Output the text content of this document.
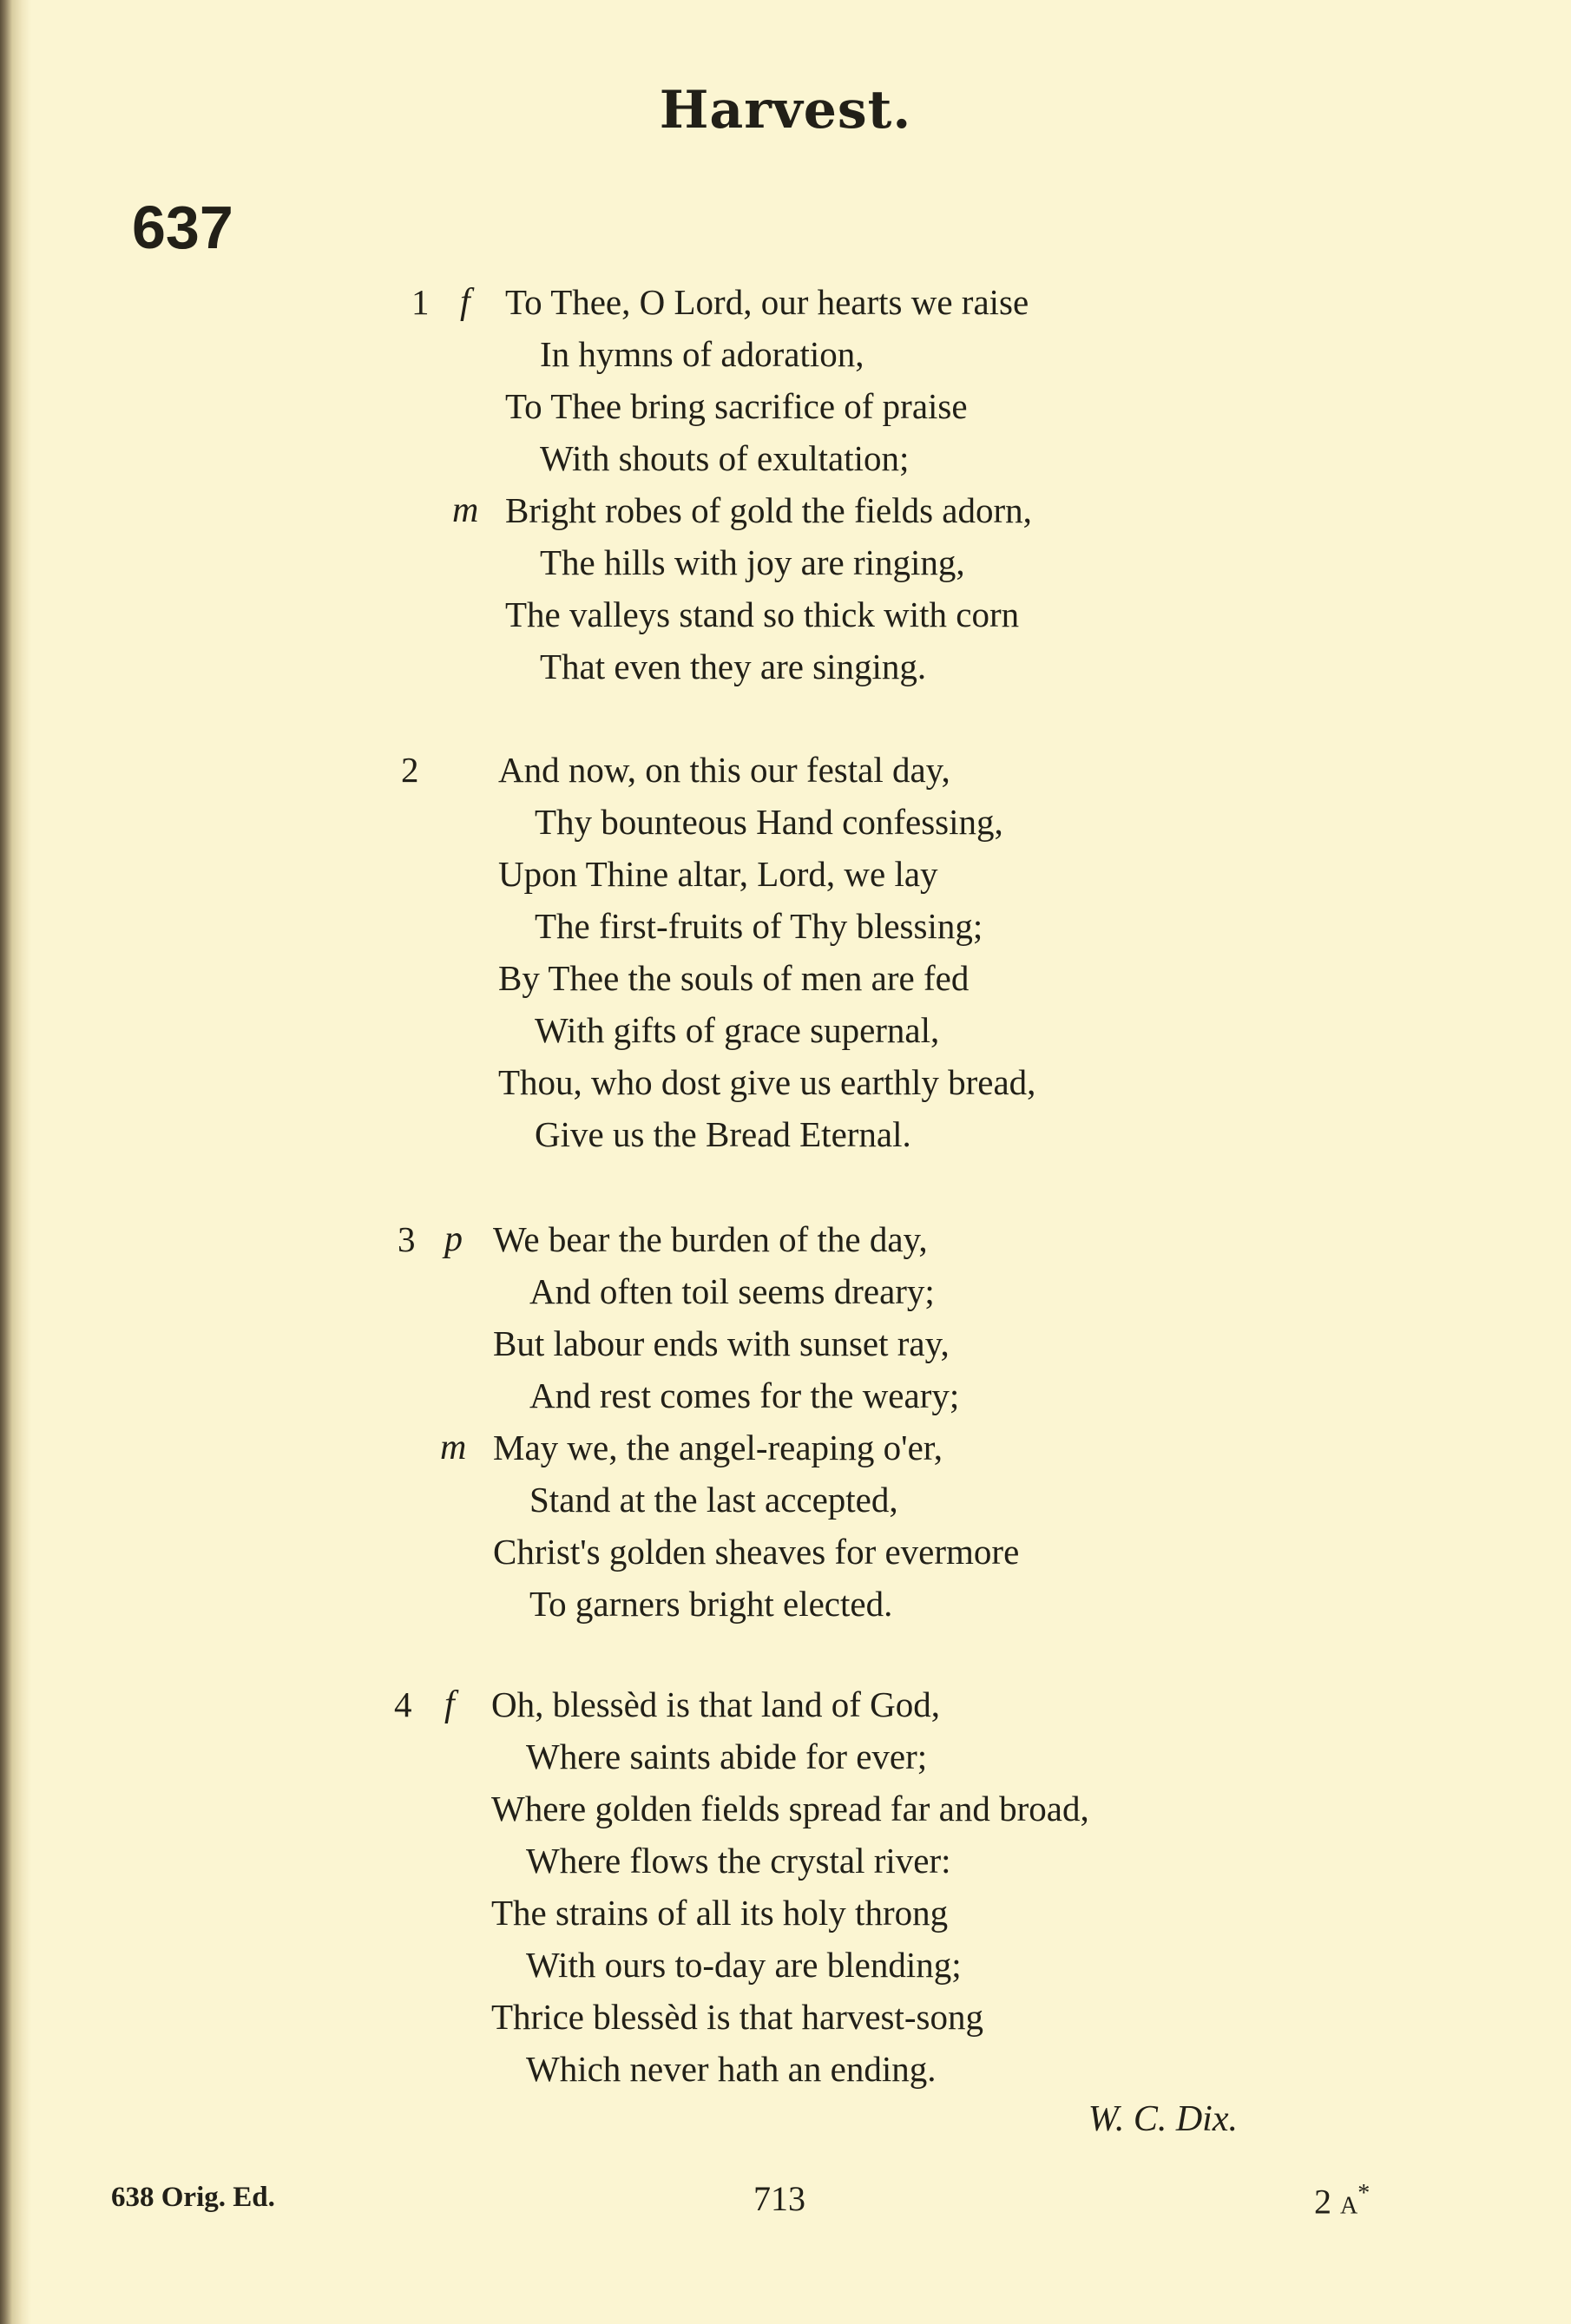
Harvest.
637
1 f To Thee, O Lord, our hearts we raise
In hymns of adoration,
To Thee bring sacrifice of praise
With shouts of exultation;
m Bright robes of gold the fields adorn,
The hills with joy are ringing,
The valleys stand so thick with corn
That even they are singing.
2 And now, on this our festal day,
Thy bounteous Hand confessing,
Upon Thine altar, Lord, we lay
The first-fruits of Thy blessing;
By Thee the souls of men are fed
With gifts of grace supernal,
Thou, who dost give us earthly bread,
Give us the Bread Eternal.
3 p We bear the burden of the day,
And often toil seems dreary;
But labour ends with sunset ray,
And rest comes for the weary;
m May we, the angel-reaping o'er,
Stand at the last accepted,
Christ's golden sheaves for evermore
To garners bright elected.
4 f Oh, blessèd is that land of God,
Where saints abide for ever;
Where golden fields spread far and broad,
Where flows the crystal river:
The strains of all its holy throng
With ours to-day are blending;
Thrice blessèd is that harvest-song
Which never hath an ending.
W. C. Dix.
638 Orig. Ed.	713	2 A*
